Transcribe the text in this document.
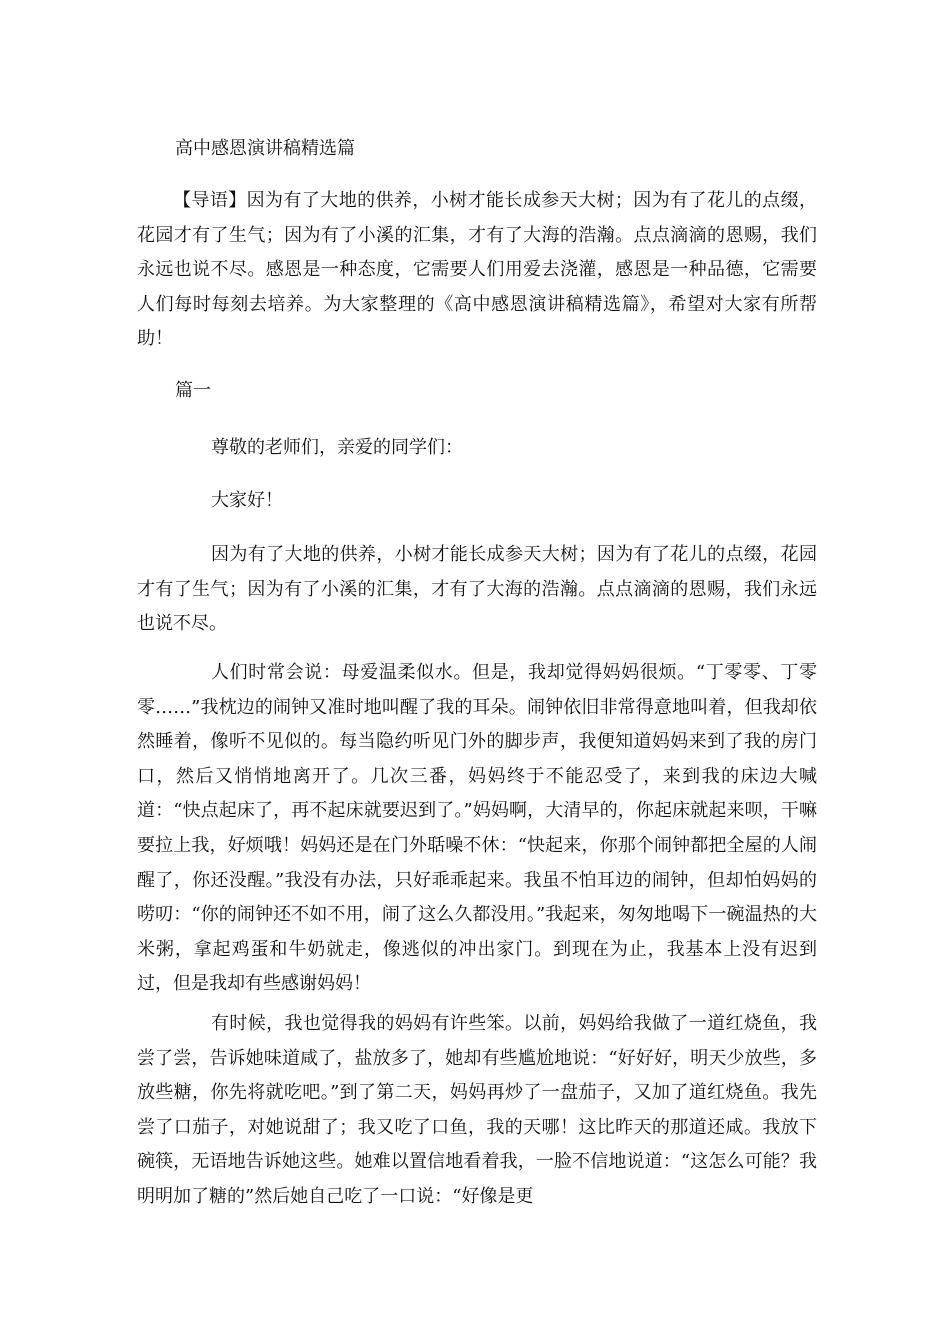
高中感恩演讲稿精选篇

【导语】因为有了大地的供养，小树才能长成参天大树；因为有了花儿的点缀，花园才有了生气；因为有了小溪的汇集，才有了大海的浩瀚。点点滴滴的恩赐，我们永远也说不尽。感恩是一种态度，它需要人们用爱去浇灌，感恩是一种品德，它需要人们每时每刻去培养。为大家整理的《高中感恩演讲稿精选篇》，希望对大家有所帮助！

篇一
尊敬的老师们，亲爱的同学们：
大家好！

因为有了大地的供养，小树才能长成参天大树；因为有了花儿的点缀，花园才有了生气；因为有了小溪的汇集，才有了大海的浩瀚。点点滴滴的恩赐，我们永远也说不尽。

人们时常会说：母爱温柔似水。但是，我却觉得妈妈很烦。“丁零零、丁零零……”我枕边的闹钟又准时地叫醒了我的耳朵。闹钟依旧非常得意地叫着，但我却依然睡着，像听不见似的。每当隐约听见门外的脚步声，我便知道妈妈来到了我的房门口，然后又悄悄地离开了。几次三番，妈妈终于不能忍受了，来到我的床边大喊道：“快点起床了，再不起床就要迟到了。”妈妈啊，大清早的，你起床就起来呗，干嘛要拉上我，好烦哦！妈妈还是在门外聒噪不休：“快起来，你那个闹钟都把全屋的人闹醒了，你还没醒。”我没有办法，只好乖乖起来。我虽不怕耳边的闹钟，但却怕妈妈的唠叨：“你的闹钟还不如不用，闹了这么久都没用。”我起来，匆匆地喝下一碗温热的大米粥，拿起鸡蛋和牛奶就走，像逃似的冲出家门。到现在为止，我基本上没有迟到过，但是我却有些感谢妈妈！

有时候，我也觉得我的妈妈有许些笨。以前，妈妈给我做了一道红烧鱼，我尝了尝，告诉她味道咸了，盐放多了，她却有些尴尬地说：“好好好，明天少放些，多放些糖，你先将就吃吧。”到了第二天，妈妈再炒了一盘茄子，又加了道红烧鱼。我先尝了口茄子，对她说甜了；我又吃了口鱼，我的天哪！这比昨天的那道还咸。我放下碗筷，无语地告诉她这些。她难以置信地看着我，一脸不信地说道：“这怎么可能？我明明加了糖的”然后她自己吃了一口说：“好像是更
